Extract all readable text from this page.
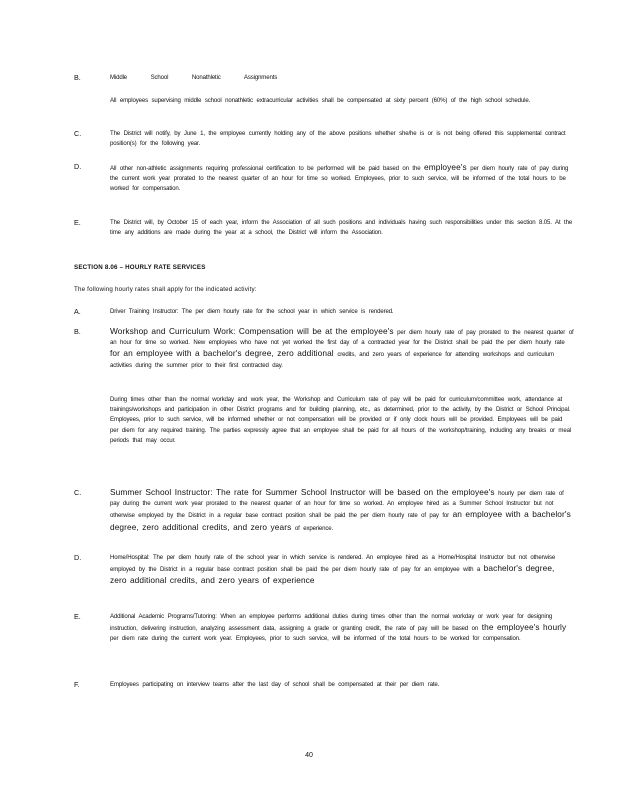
B.	Middle School Nonathletic Assignments

All employees supervising middle school nonathletic extracurricular activities shall be compensated at sixty percent (60%) of the high school schedule.
C.	The District will notify, by June 1, the employee currently holding any of the above positions whether she/he is or is not being offered this supplemental contract position(s) for the following year.
D.	All other non-athletic assignments requiring professional certification to be performed will be paid based on the employee's per diem hourly rate of pay during the current work year prorated to the nearest quarter of an hour for time so worked. Employees, prior to such service, will be informed of the total hours to be worked for compensation.
E.	The District will, by October 15 of each year, inform the Association of all such positions and individuals having such responsibilities under this section 8.05. At the time any additions are made during the year at a school, the District will inform the Association.
SECTION 8.06 – HOURLY RATE SERVICES
The following hourly rates shall apply for the indicated activity:
A.	Driver Training Instructor: The per diem hourly rate for the school year in which service is rendered.
B.	Workshop and Curriculum Work: Compensation will be at the employee's per diem hourly rate of pay prorated to the nearest quarter of an hour for time so worked. New employees who have not yet worked the first day of a contracted year for the District shall be paid the per diem hourly rate for an employee with a bachelor's degree, zero additional credits, and zero years of experience for attending workshops and curriculum activities during the summer prior to their first contracted day.
During times other than the normal workday and work year, the Workshop and Curriculum rate of pay will be paid for curriculum/committee work, attendance at trainings/workshops and participation in other District programs and for building planning, etc., as determined, prior to the activity, by the District or School Principal. Employees, prior to such service, will be informed whether or not compensation will be provided or if only clock hours will be provided. Employees will be paid per diem for any required training. The parties expressly agree that an employee shall be paid for all hours of the workshop/training, including any breaks or meal periods that may occur.
C.	Summer School Instructor: The rate for Summer School Instructor will be based on the employee's hourly per diem rate of pay during the current work year prorated to the nearest quarter of an hour for time so worked. An employee hired as a Summer School Instructor but not otherwise employed by the District in a regular base contract position shall be paid the per diem hourly rate of pay for an employee with a bachelor's degree, zero additional credits, and zero years of experience.
D.	Home/Hospital: The per diem hourly rate of the school year in which service is rendered. An employee hired as a Home/Hospital Instructor but not otherwise employed by the District in a regular base contract position shall be paid the per diem hourly rate of pay for an employee with a bachelor's degree, zero additional credits, and zero years of experience
E.	Additional Academic Programs/Tutoring: When an employee performs additional duties during times other than the normal workday or work year for designing instruction, delivering instruction, analyzing assessment data, assigning a grade or granting credit, the rate of pay will be based on the employee's hourly per diem rate during the current work year. Employees, prior to such service, will be informed of the total hours to be worked for compensation.
F.	Employees participating on interview teams after the last day of school shall be compensated at their per diem rate.
40
